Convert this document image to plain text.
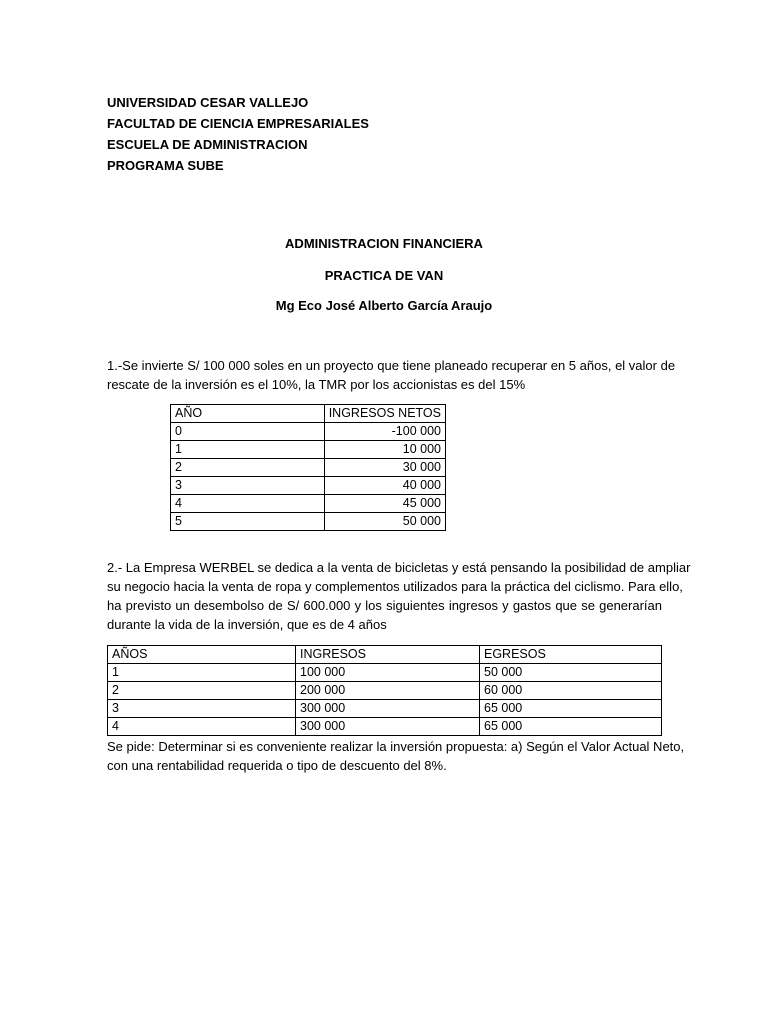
UNIVERSIDAD CESAR VALLEJO
FACULTAD DE CIENCIA EMPRESARIALES
ESCUELA DE ADMINISTRACION
PROGRAMA SUBE
ADMINISTRACION FINANCIERA
PRACTICA DE VAN
Mg Eco José Alberto García Araujo
1.-Se invierte S/ 100 000 soles en un proyecto que tiene planeado recuperar en 5 años, el valor de
rescate de la inversión es el 10%, la TMR por los accionistas es del 15%
AÑO	INGRESOS NETOS
0	-100 000
1	10 000
2	30 000
3	40 000
4	45 000
5	50 000
2.- La Empresa WERBEL se dedica a la venta de bicicletas y está pensando la posibilidad de ampliar
su negocio hacia la venta de ropa y complementos utilizados para la práctica del ciclismo. Para ello,
ha previsto un desembolso de S/ 600.000 y los siguientes ingresos y gastos que se generarían
durante la vida de la inversión, que es de 4 años
AÑOS	INGRESOS	EGRESOS
1	100 000	50 000
2	200 000	60 000
3	300 000	65 000
4	300 000	65 000
Se pide: Determinar si es conveniente realizar la inversión propuesta: a) Según el Valor Actual Neto,
con una rentabilidad requerida o tipo de descuento del 8%.
